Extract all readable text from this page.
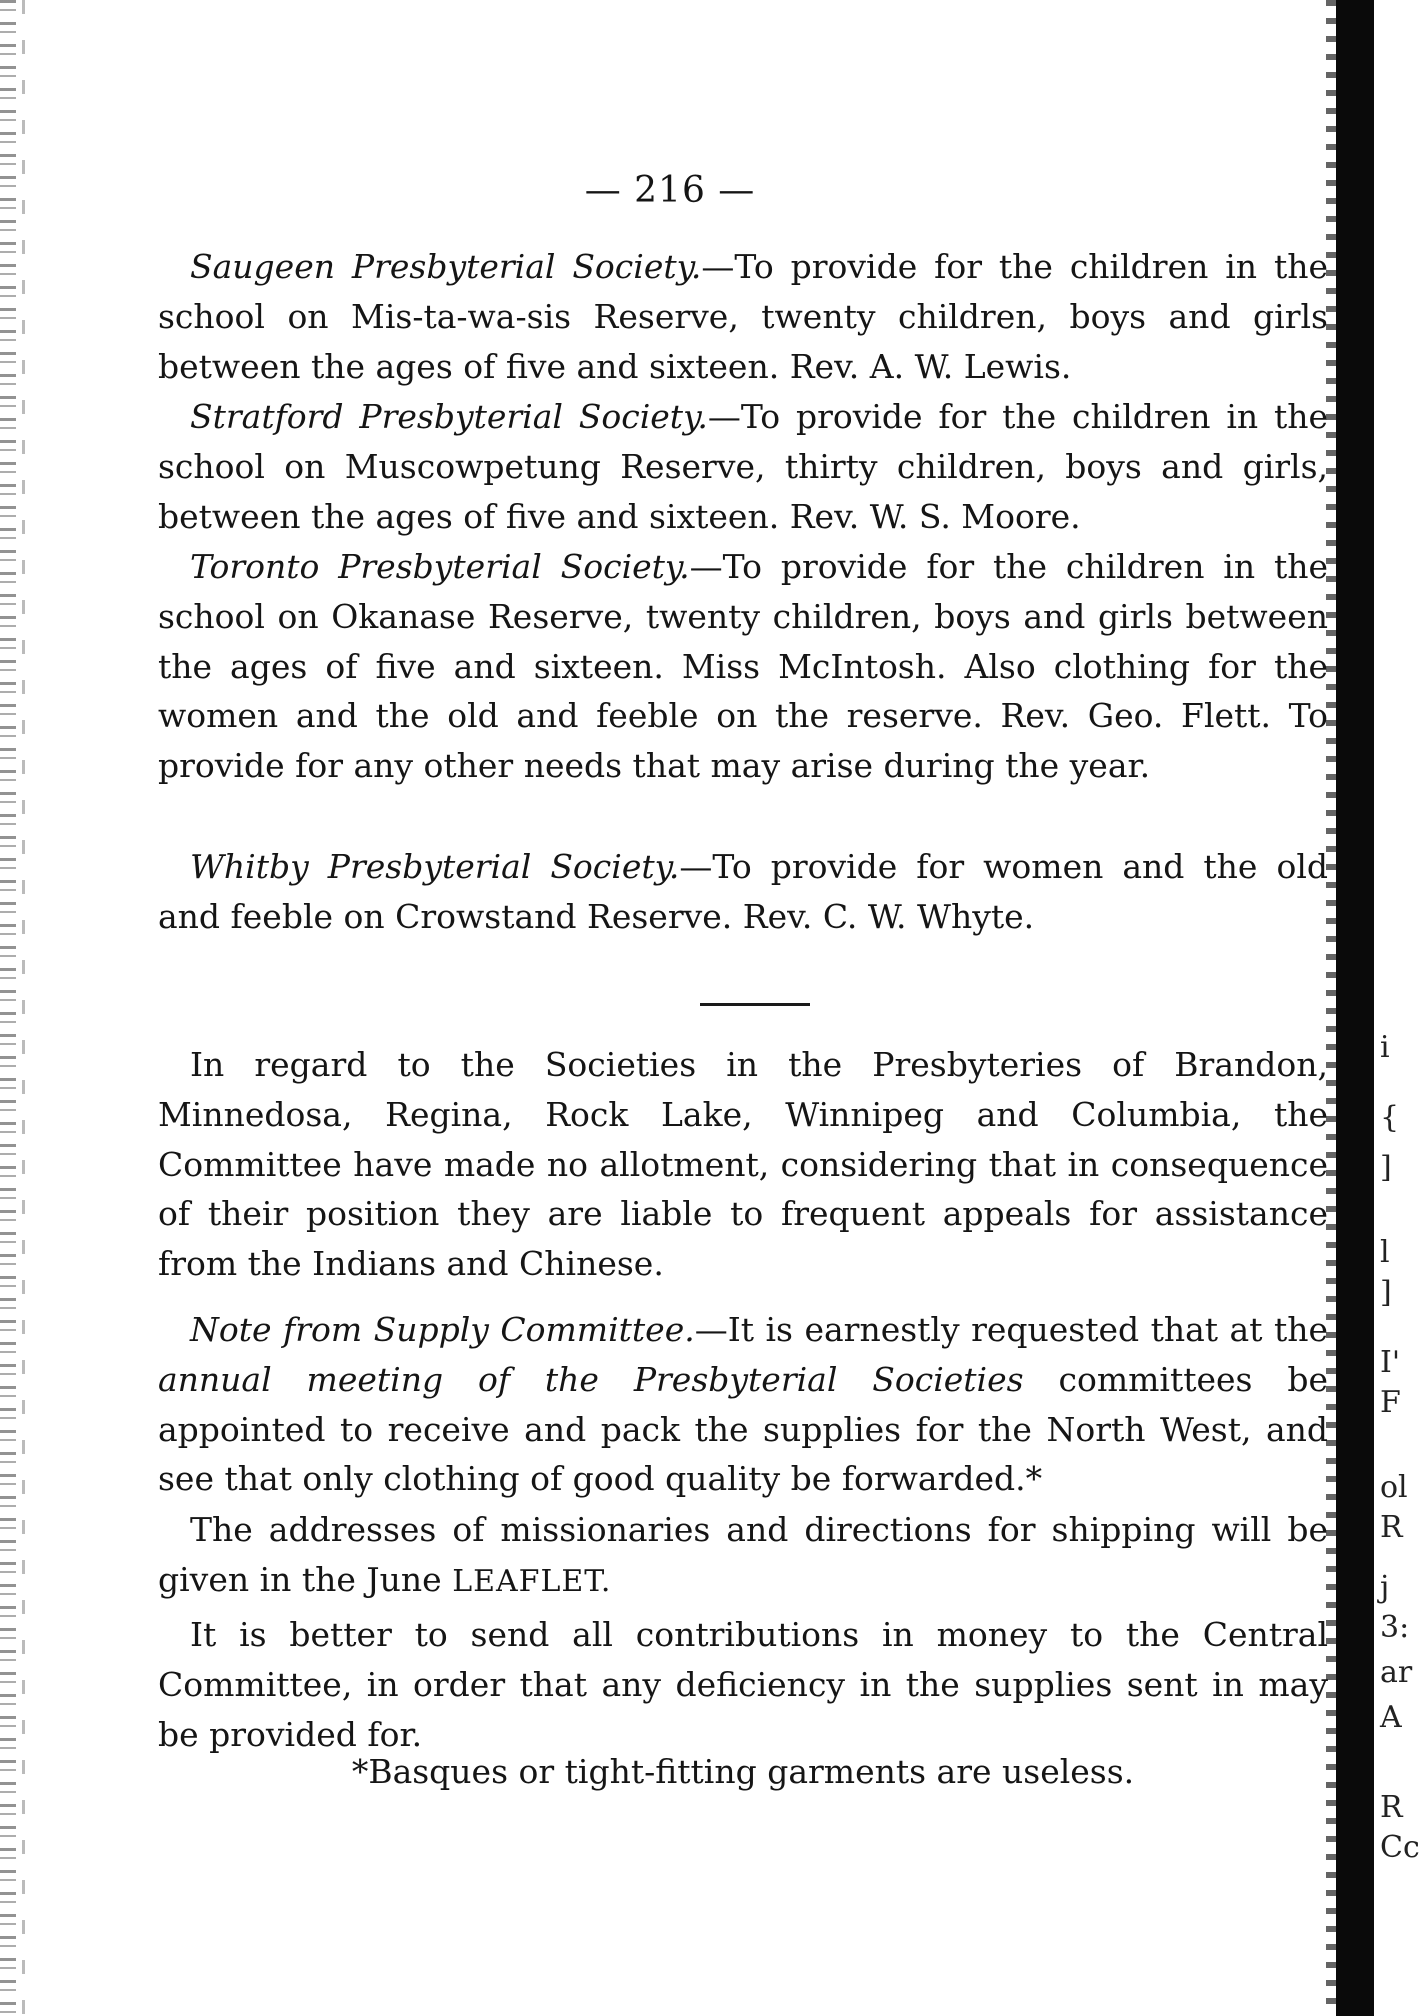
i
{
]
l
]
I'
F
ol
R
j
3:
ar
A
R
Cc
— 216 —
Saugeen Presbyterial Society.—To provide for the children in the school on Mis-ta-wa-sis Reserve, twenty children, boys and girls between the ages of five and sixteen. Rev. A. W. Lewis.
Stratford Presbyterial Society.—To provide for the children in the school on Muscowpetung Reserve, thirty children, boys and girls, between the ages of five and sixteen. Rev. W. S. Moore.
Toronto Presbyterial Society.—To provide for the children in the school on Okanase Reserve, twenty children, boys and girls between the ages of five and sixteen. Miss McIntosh. Also clothing for the women and the old and feeble on the reserve. Rev. Geo. Flett. To provide for any other needs that may arise during the year.
Whitby Presbyterial Society.—To provide for women and the old and feeble on Crowstand Reserve. Rev. C. W. Whyte.
In regard to the Societies in the Presbyteries of Brandon, Minnedosa, Regina, Rock Lake, Winnipeg and Columbia, the Committee have made no allotment, considering that in consequence of their position they are liable to frequent appeals for assistance from the Indians and Chinese.
Note from Supply Committee.—It is earnestly requested that at the annual meeting of the Presbyterial Societies committees be appointed to receive and pack the supplies for the North West, and see that only clothing of good quality be forwarded.*
The addresses of missionaries and directions for shipping will be given in the June LEAFLET.
It is better to send all contributions in money to the Central Committee, in order that any deficiency in the supplies sent in may be provided for.
*Basques or tight-fitting garments are useless.
